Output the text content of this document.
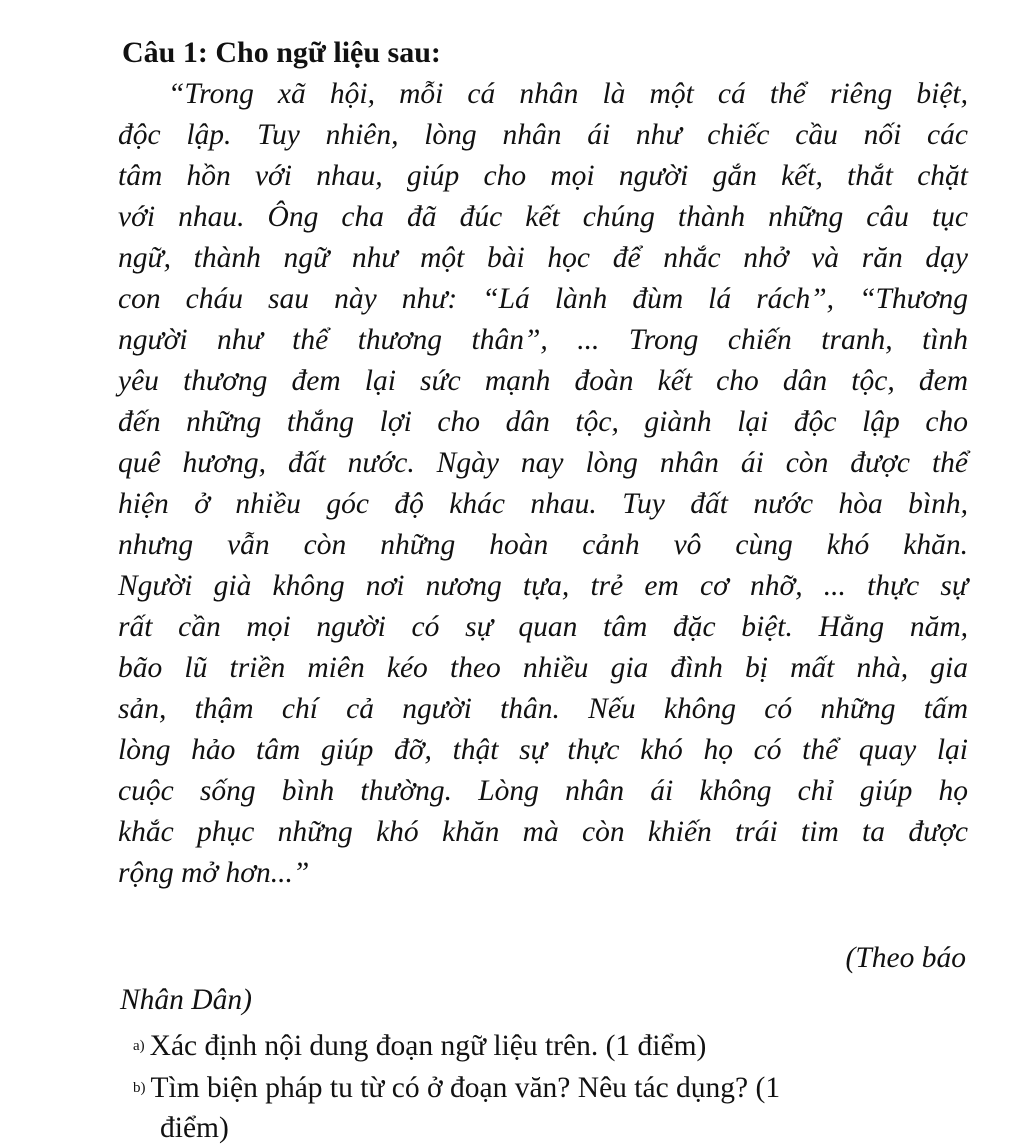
Câu 1: Cho ngữ liệu sau:
“Trong xã hội, mỗi cá nhân là một cá thể riêng biệt,
độc lập. Tuy nhiên, lòng nhân ái như chiếc cầu nối các
tâm hồn với nhau, giúp cho mọi người gắn kết, thắt chặt
với nhau. Ông cha đã đúc kết chúng thành những câu tục
ngữ, thành ngữ như một bài học để nhắc nhở và răn dạy
con cháu sau này như: “Lá lành đùm lá rách”, “Thương
người như thể thương thân”, ... Trong chiến tranh, tình
yêu thương đem lại sức mạnh đoàn kết cho dân tộc, đem
đến những thắng lợi cho dân tộc, giành lại độc lập cho
quê hương, đất nước. Ngày nay lòng nhân ái còn được thể
hiện ở nhiều góc độ khác nhau. Tuy đất nước hòa bình,
nhưng vẫn còn những hoàn cảnh vô cùng khó khăn.
Người già không nơi nương tựa, trẻ em cơ nhỡ, ... thực sự
rất cần mọi người có sự quan tâm đặc biệt. Hằng năm,
bão lũ triền miên kéo theo nhiều gia đình bị mất nhà, gia
sản, thậm chí cả người thân. Nếu không có những tấm
lòng hảo tâm giúp đỡ, thật sự thực khó họ có thể quay lại
cuộc sống bình thường. Lòng nhân ái không chỉ giúp họ
khắc phục những khó khăn mà còn khiến trái tim ta được
rộng mở hơn...”
(Theo báo
Nhân Dân)
a) Xác định nội dung đoạn ngữ liệu trên. (1 điểm)
b) Tìm biện pháp tu từ có ở đoạn văn? Nêu tác dụng? (1
điểm)
